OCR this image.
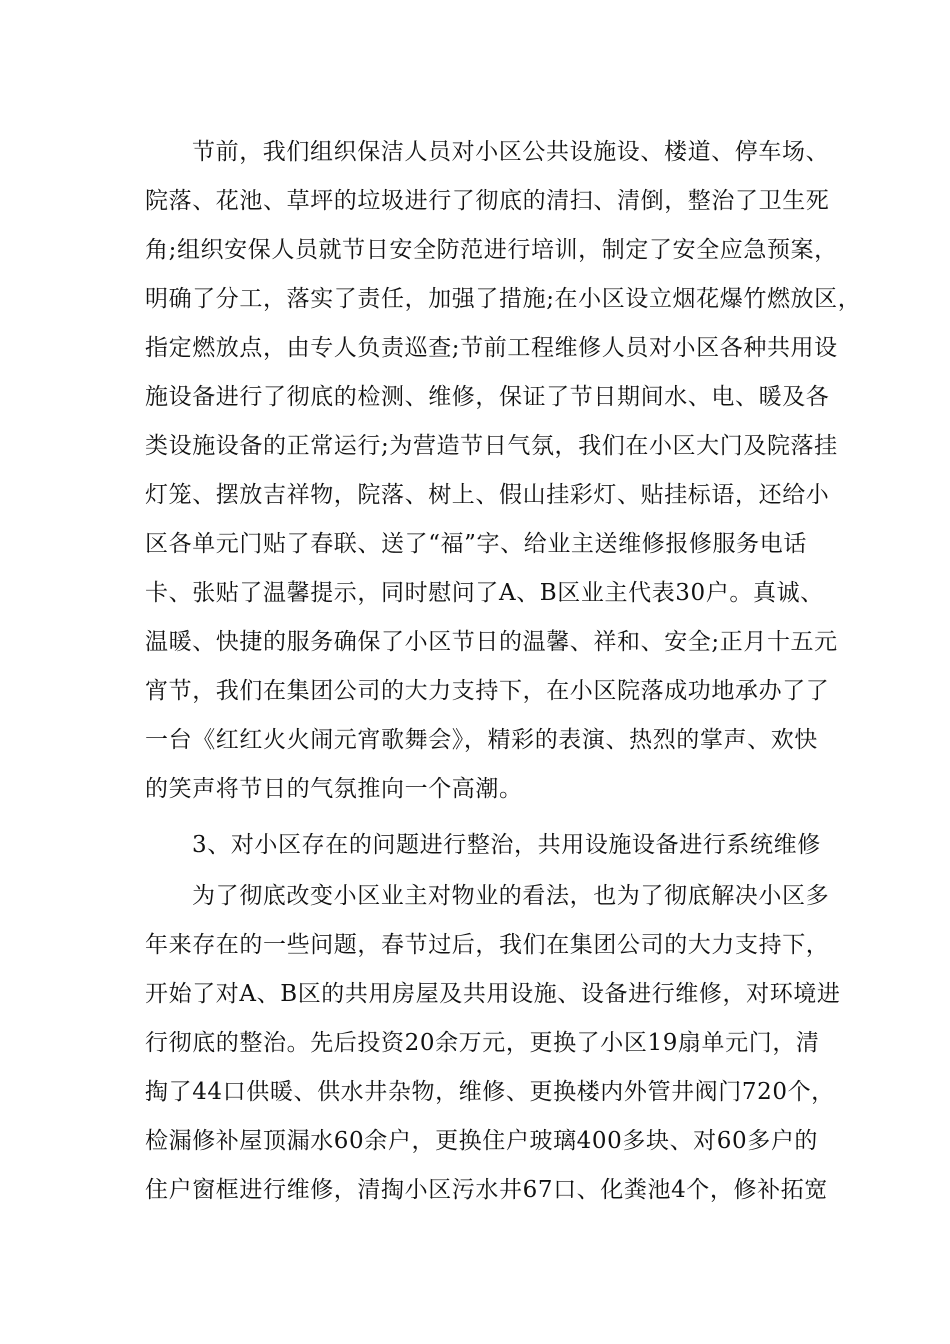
节前，我们组织保洁人员对小区公共设施设、楼道、停车场、
院落、花池、草坪的垃圾进行了彻底的清扫、清倒，整治了卫生死
角;组织安保人员就节日安全防范进行培训，制定了安全应急预案，
明确了分工，落实了责任，加强了措施;在小区设立烟花爆竹燃放区，
指定燃放点，由专人负责巡查;节前工程维修人员对小区各种共用设
施设备进行了彻底的检测、维修，保证了节日期间水、电、暖及各
类设施设备的正常运行;为营造节日气氛，我们在小区大门及院落挂
灯笼、摆放吉祥物，院落、树上、假山挂彩灯、贴挂标语，还给小
区各单元门贴了春联、送了“福”字、给业主送维修报修服务电话
卡、张贴了温馨提示，同时慰问了A、B区业主代表30户。真诚、
温暖、快捷的服务确保了小区节日的温馨、祥和、安全;正月十五元
宵节，我们在集团公司的大力支持下，在小区院落成功地承办了了
一台《红红火火闹元宵歌舞会》，精彩的表演、热烈的掌声、欢快
的笑声将节日的气氛推向一个高潮。
3、对小区存在的问题进行整治，共用设施设备进行系统维修
为了彻底改变小区业主对物业的看法，也为了彻底解决小区多
年来存在的一些问题，春节过后，我们在集团公司的大力支持下，
开始了对A、B区的共用房屋及共用设施、设备进行维修，对环境进
行彻底的整治。先后投资20余万元，更换了小区19扇单元门，清
掏了44口供暖、供水井杂物，维修、更换楼内外管井阀门720个，
检漏修补屋顶漏水60余户，更换住户玻璃400多块、对60多户的
住户窗框进行维修，清掏小区污水井67口、化粪池4个，修补拓宽
